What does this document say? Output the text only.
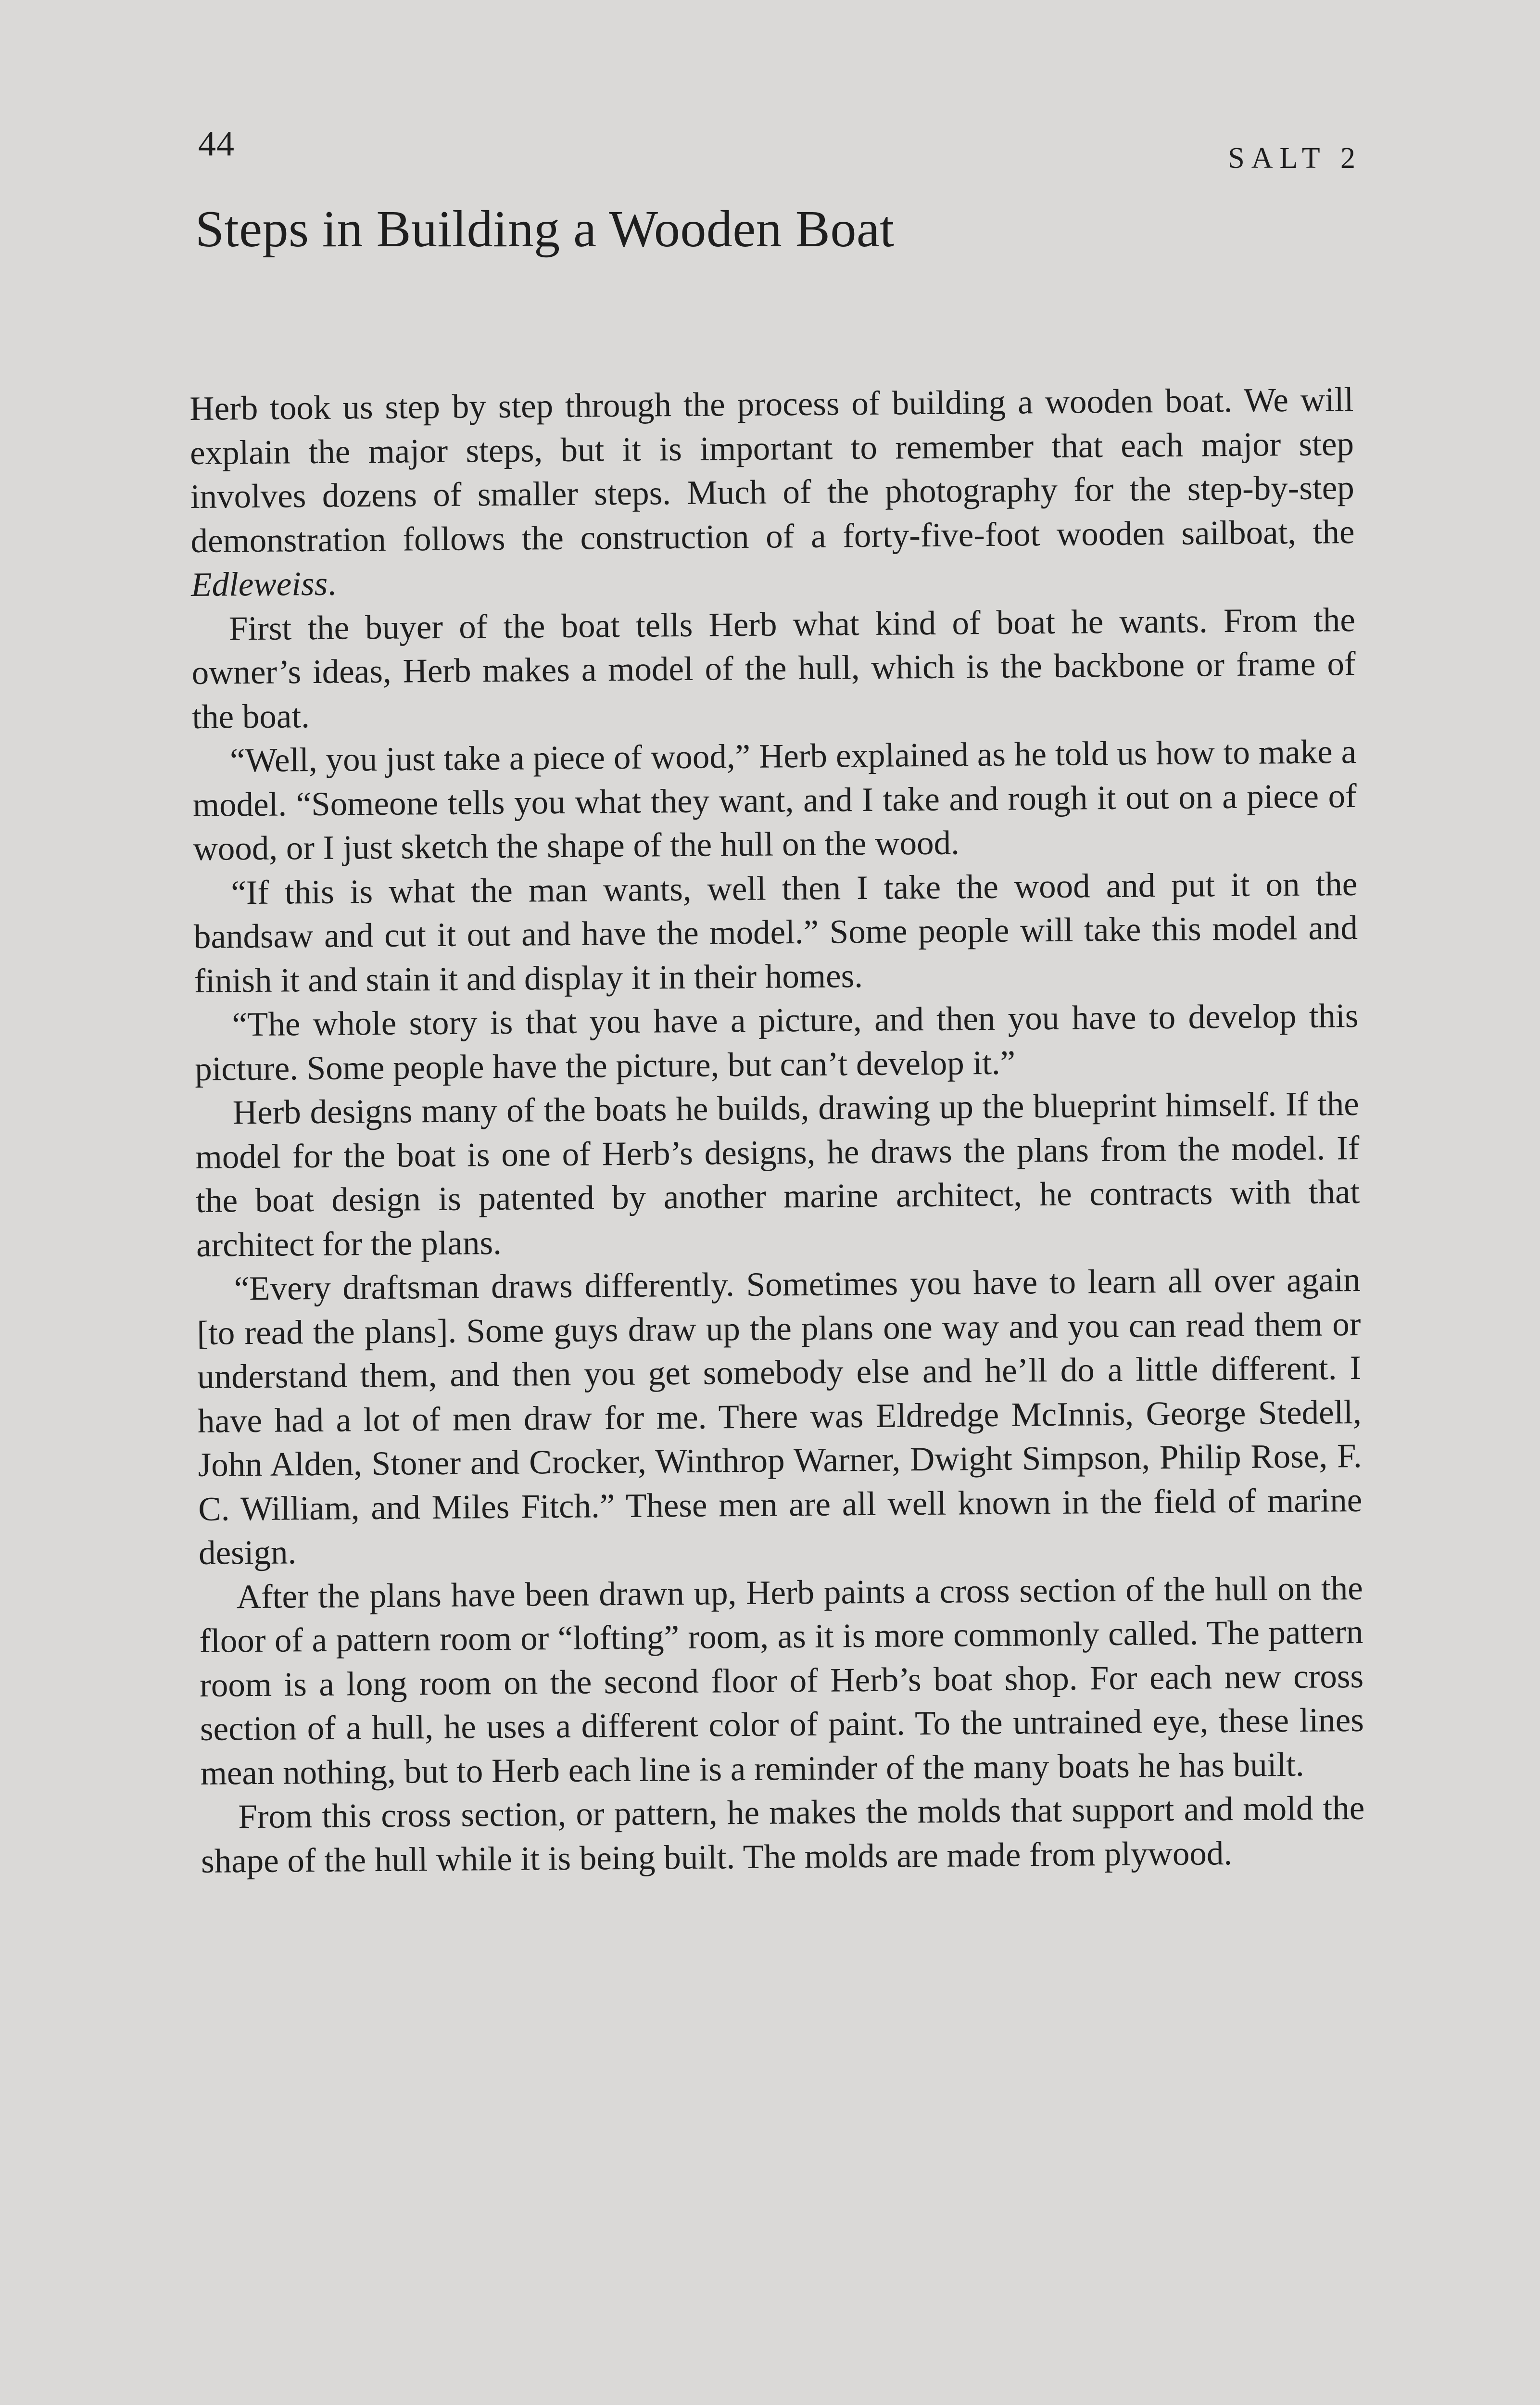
44	SALT 2
Steps in Building a Wooden Boat

Herb took us step by step through the process of building a wooden boat. We will explain the major steps, but it is important to remember that each major step involves dozens of smaller steps. Much of the photography for the step-by-step demonstration follows the construction of a forty-five-foot wooden sailboat, the Edleweiss.

First the buyer of the boat tells Herb what kind of boat he wants. From the owner’s ideas, Herb makes a model of the hull, which is the backbone or frame of the boat.

“Well, you just take a piece of wood,” Herb explained as he told us how to make a model. “Someone tells you what they want, and I take and rough it out on a piece of wood, or I just sketch the shape of the hull on the wood.

“If this is what the man wants, well then I take the wood and put it on the bandsaw and cut it out and have the model.” Some people will take this model and finish it and stain it and display it in their homes.

“The whole story is that you have a picture, and then you have to develop this picture. Some people have the picture, but can’t develop it.”

Herb designs many of the boats he builds, drawing up the blueprint himself. If the model for the boat is one of Herb’s designs, he draws the plans from the model. If the boat design is patented by another marine architect, he contracts with that architect for the plans.

“Every draftsman draws differently. Sometimes you have to learn all over again [to read the plans]. Some guys draw up the plans one way and you can read them or understand them, and then you get somebody else and he’ll do a little different. I have had a lot of men draw for me. There was Eldredge McInnis, George Stedell, John Alden, Stoner and Crocker, Winthrop Warner, Dwight Simpson, Philip Rose, F. C. William, and Miles Fitch.” These men are all well known in the field of marine design.

After the plans have been drawn up, Herb paints a cross section of the hull on the floor of a pattern room or “lofting” room, as it is more commonly called. The pattern room is a long room on the second floor of Herb’s boat shop. For each new cross section of a hull, he uses a different color of paint. To the untrained eye, these lines mean nothing, but to Herb each line is a reminder of the many boats he has built.

From this cross section, or pattern, he makes the molds that support and mold the shape of the hull while it is being built. The molds are made from plywood.
